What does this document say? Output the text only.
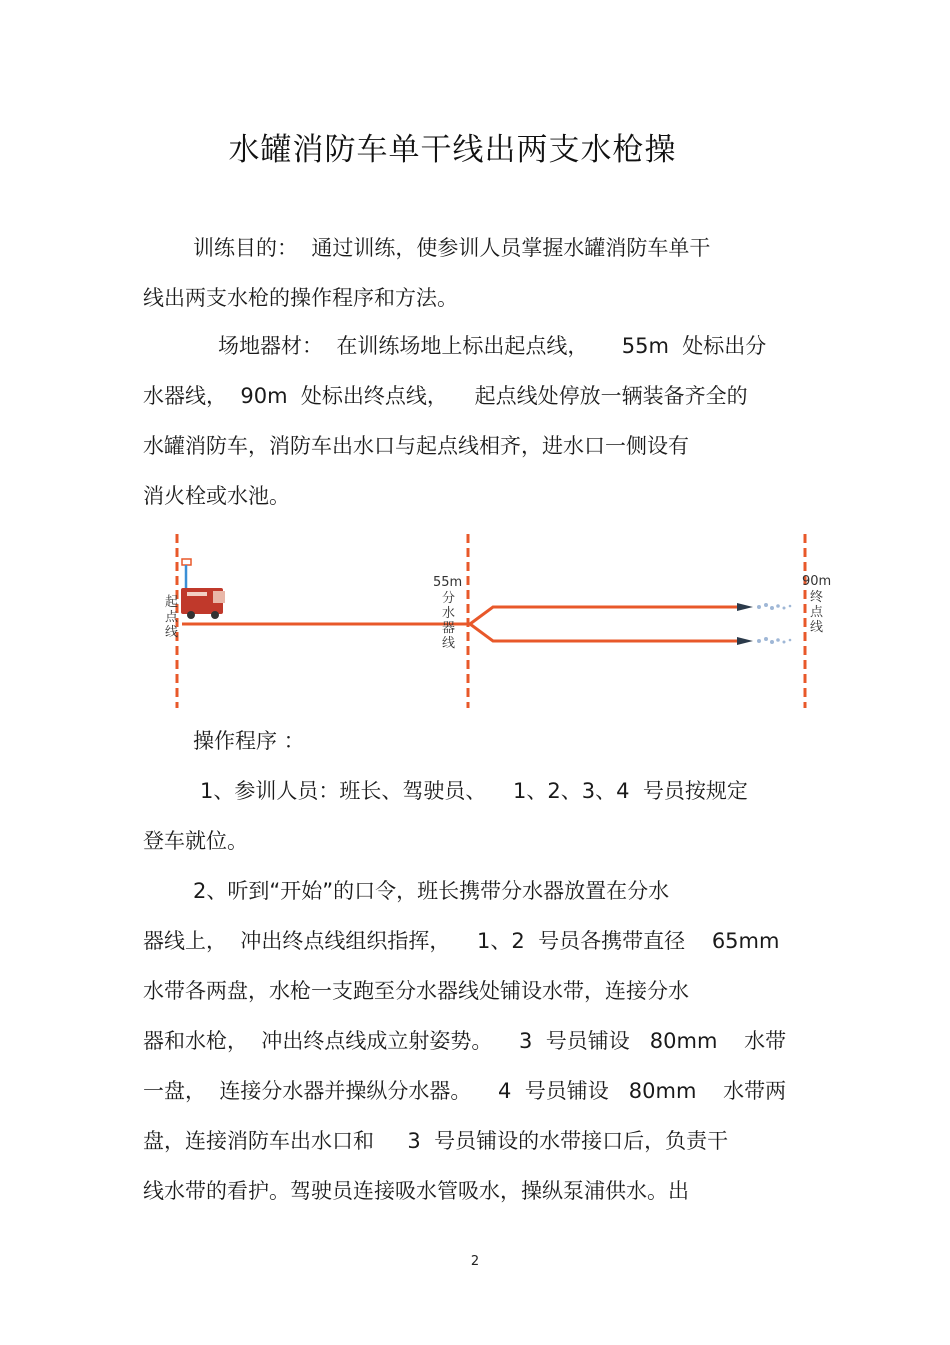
水罐消防车单干线出两支水枪操
训练目的：  通过训练，使参训人员掌握水罐消防车单干
线出两支水枪的操作程序和方法。
场地器材：  在训练场地上标出起点线，     55m  处标出分
水器线，  90m  处标出终点线，    起点线处停放一辆装备齐全的
水罐消防车，消防车出水口与起点线相齐，进水口一侧设有
消火栓或水池。
起
点
线
55m
分
水
器
线
90m
终
点
线
操作程序 ：
1、参训人员：班长、驾驶员、    1、2、3、4  号员按规定
登车就位。
2、听到“开始”的口令，班长携带分水器放置在分水
器线上，  冲出终点线组织指挥，    1、2  号员各携带直径    65mm
水带各两盘，水枪一支跑至分水器线处铺设水带，连接分水
器和水枪，  冲出终点线成立射姿势。    3  号员铺设   80mm    水带
一盘，  连接分水器并操纵分水器。    4  号员铺设   80mm    水带两
盘，连接消防车出水口和     3  号员铺设的水带接口后，负责干
线水带的看护。驾驶员连接吸水管吸水，操纵泵浦供水。出
2
